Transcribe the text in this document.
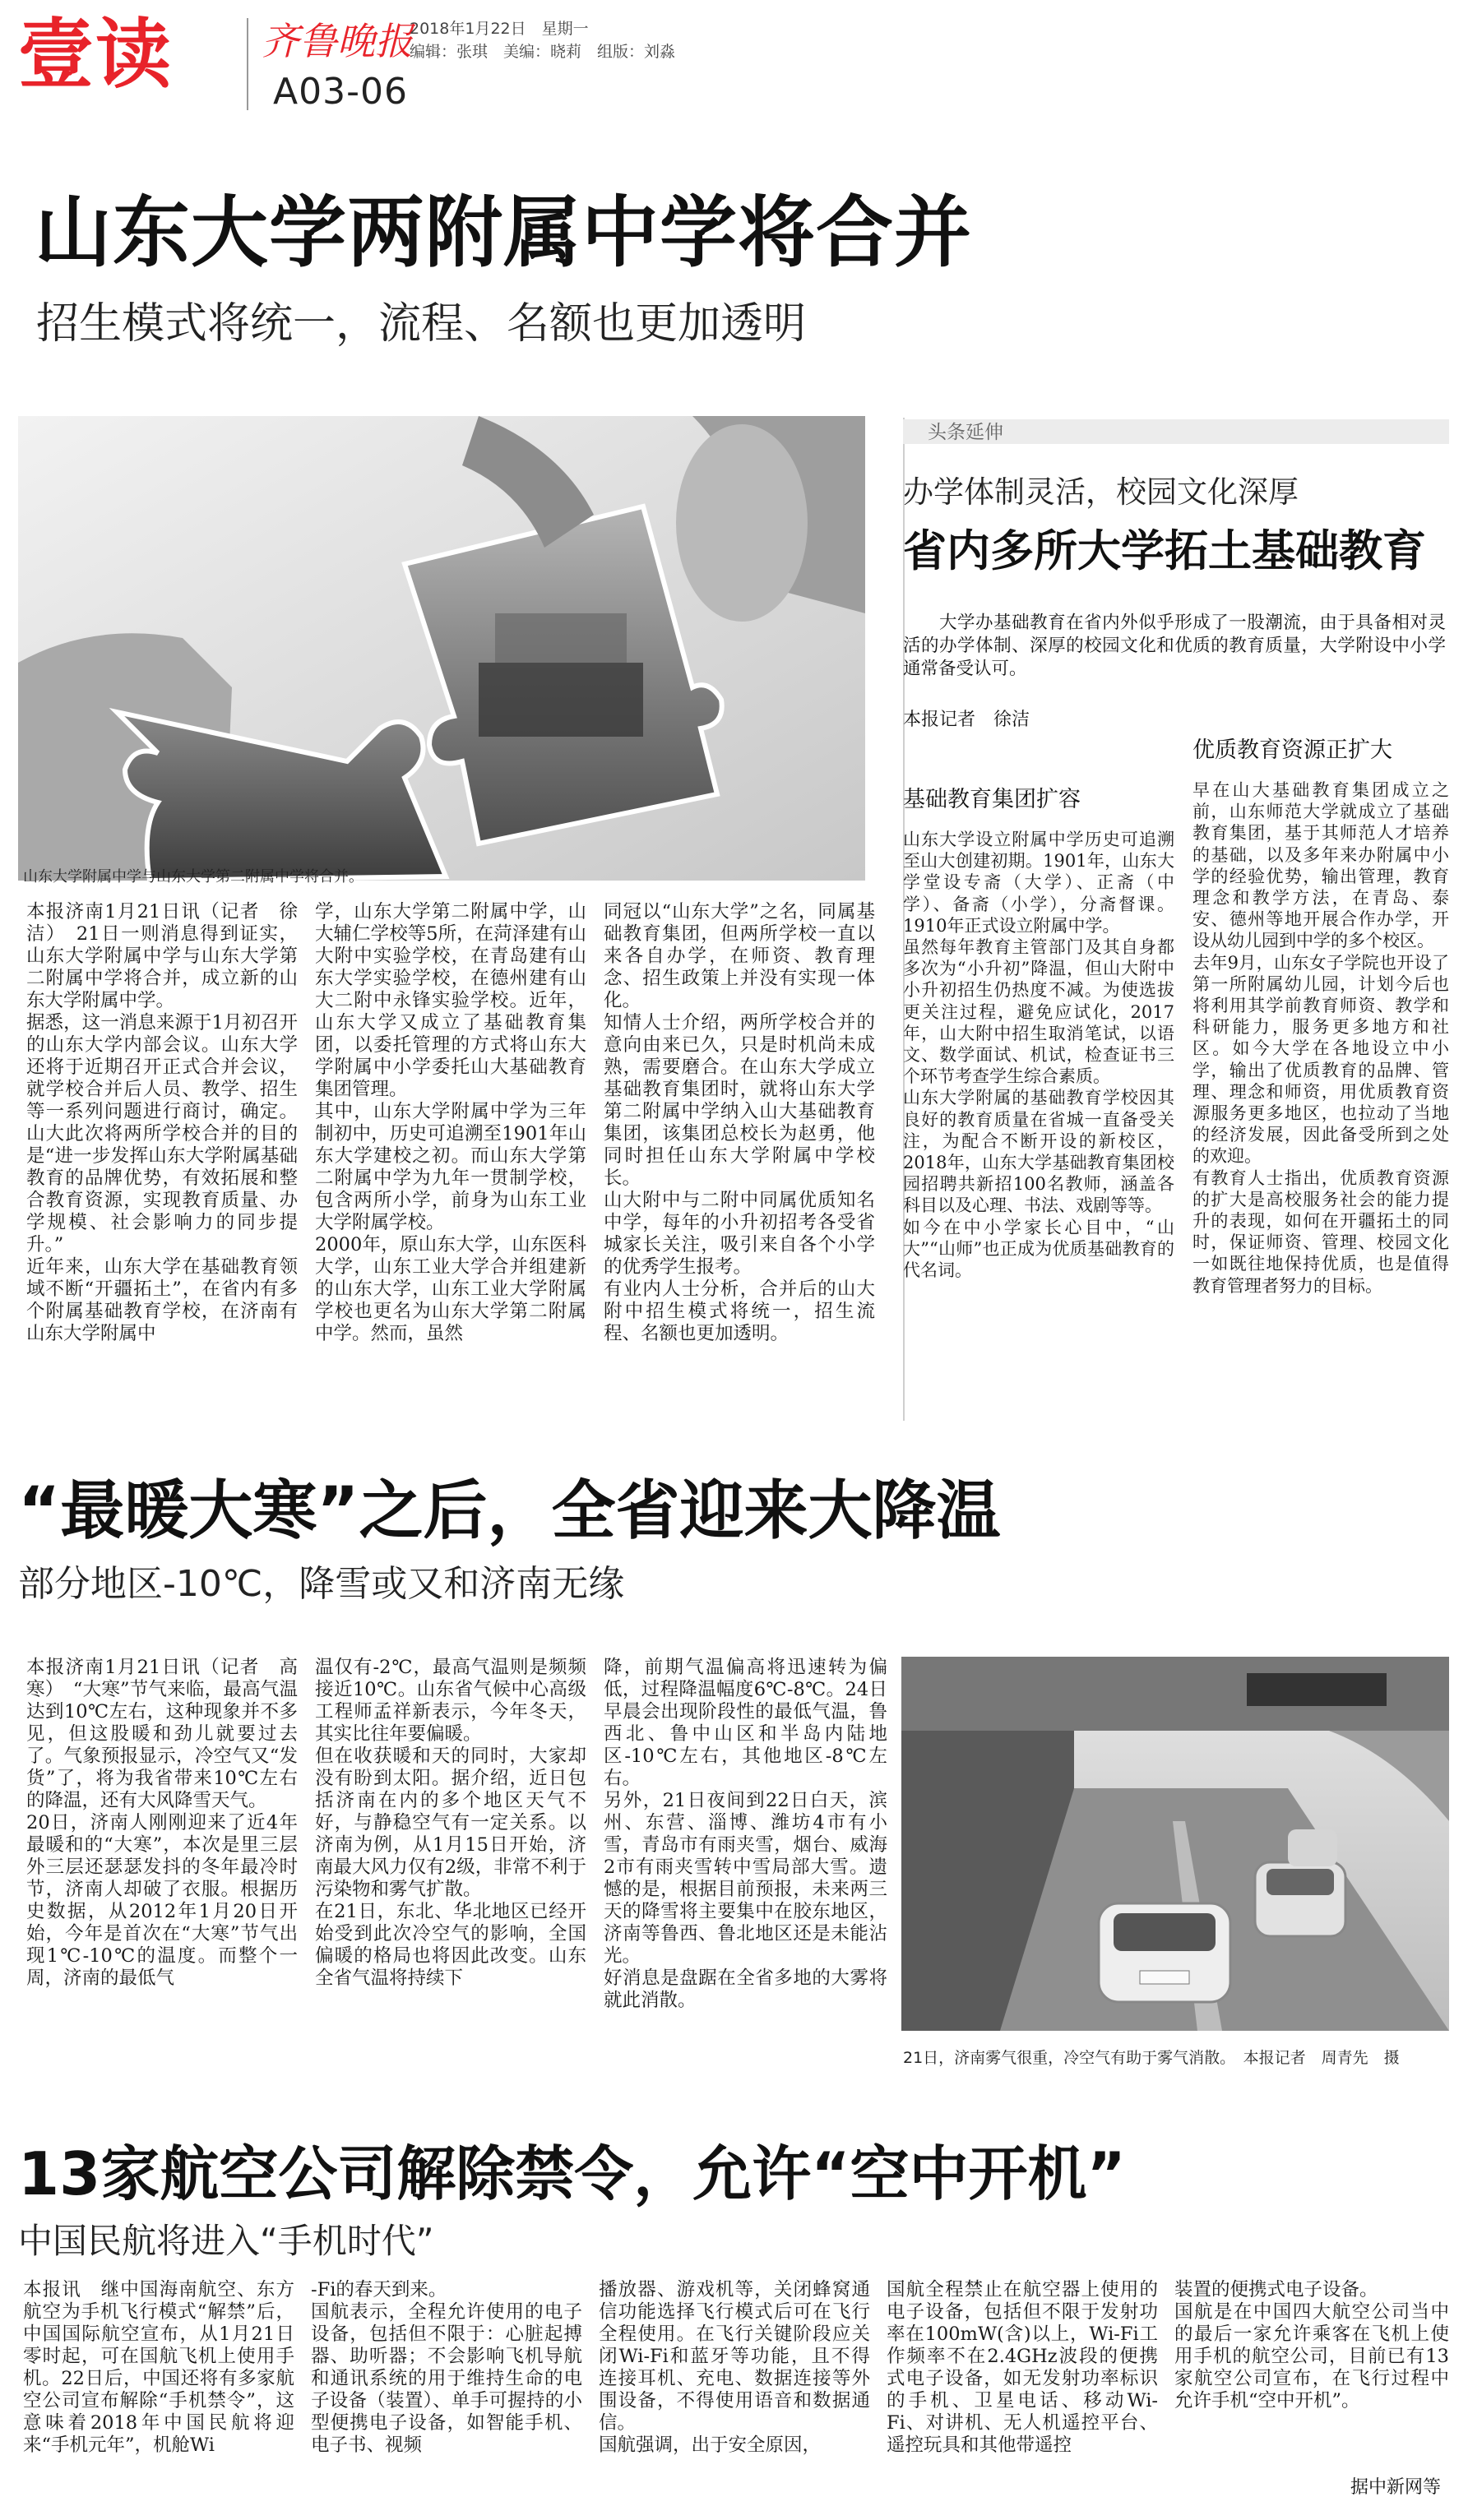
壹读 齐鲁晚报
2018年1月22日　星期一
编辑：张琪　美编：晓莉　组版：刘淼
A03-06
山东大学两附属中学将合并
招生模式将统一，流程、名额也更加透明
山东大学附属中学与山东大学第二附属中学将合并。
本报济南1月21日讯（记者　徐洁）　21日一则消息得到证实，山东大学附属中学与山东大学第二附属中学将合并，成立新的山东大学附属中学。
据悉，这一消息来源于1月初召开的山东大学内部会议。山东大学还将于近期召开正式合并会议，就学校合并后人员、教学、招生等一系列问题进行商讨，确定。山大此次将两所学校合并的目的是“进一步发挥山东大学附属基础教育的品牌优势，有效拓展和整合教育资源，实现教育质量、办学规模、社会影响力的同步提升。”
近年来，山东大学在基础教育领域不断“开疆拓土”，在省内有多个附属基础教育学校，在济南有山东大学附属中
学，山东大学第二附属中学，山大辅仁学校等5所，在菏泽建有山大附中实验学校，在青岛建有山东大学实验学校，在德州建有山大二附中永锋实验学校。近年，山东大学又成立了基础教育集团，以委托管理的方式将山东大学附属中小学委托山大基础教育集团管理。
其中，山东大学附属中学为三年制初中，历史可追溯至1901年山东大学建校之初。而山东大学第二附属中学为九年一贯制学校，包含两所小学，前身为山东工业大学附属学校。
2000年，原山东大学，山东医科大学，山东工业大学合并组建新的山东大学，山东工业大学附属学校也更名为山东大学第二附属中学。然而，虽然
同冠以“山东大学”之名，同属基础教育集团，但两所学校一直以来各自办学，在师资、教育理念、招生政策上并没有实现一体化。
知情人士介绍，两所学校合并的意向由来已久，只是时机尚未成熟，需要磨合。在山东大学成立基础教育集团时，就将山东大学第二附属中学纳入山大基础教育集团，该集团总校长为赵勇，他同时担任山东大学附属中学校长。
山大附中与二附中同属优质知名中学，每年的小升初招考各受省城家长关注，吸引来自各个小学的优秀学生报考。
有业内人士分析，合并后的山大附中招生模式将统一，招生流程、名额也更加透明。
头条延伸
办学体制灵活，校园文化深厚
省内多所大学拓土基础教育
大学办基础教育在省内外似乎形成了一股潮流，由于具备相对灵活的办学体制、深厚的校园文化和优质的教育质量，大学附设中小学通常备受认可。
本报记者　徐洁
基础教育集团扩容
优质教育资源正扩大
山东大学设立附属中学历史可追溯至山大创建初期。1901年，山东大学堂设专斋（大学）、正斋（中学）、备斋（小学），分斋督课。1910年正式设立附属中学。
虽然每年教育主管部门及其自身都多次为“小升初”降温，但山大附中小升初招生仍热度不减。为使选拔更关注过程，避免应试化，2017年，山大附中招生取消笔试，以语文、数学面试、机试，检查证书三个环节考查学生综合素质。
山东大学附属的基础教育学校因其良好的教育质量在省城一直备受关注，为配合不断开设的新校区，2018年，山东大学基础教育集团校园招聘共新招100名教师，涵盖各科目以及心理、书法、戏剧等等。
如今在中小学家长心目中，“山大”“山师”也正成为优质基础教育的代名词。
早在山大基础教育集团成立之前，山东师范大学就成立了基础教育集团，基于其师范人才培养的基础，以及多年来办附属中小学的经验优势，输出管理，教育理念和教学方法，在青岛、泰安、德州等地开展合作办学，开设从幼儿园到中学的多个校区。
去年9月，山东女子学院也开设了第一所附属幼儿园，计划今后也将利用其学前教育师资、教学和科研能力，服务更多地方和社区。如今大学在各地设立中小学，输出了优质教育的品牌、管理、理念和师资，用优质教育资源服务更多地区，也拉动了当地的经济发展，因此备受所到之处的欢迎。
有教育人士指出，优质教育资源的扩大是高校服务社会的能力提升的表现，如何在开疆拓土的同时，保证师资、管理、校园文化一如既往地保持优质，也是值得教育管理者努力的目标。
“最暖大寒”之后，全省迎来大降温
部分地区-10℃，降雪或又和济南无缘
本报济南1月21日讯（记者　高寒）　“大寒”节气来临，最高气温达到10℃左右，这种现象并不多见，但这股暖和劲儿就要过去了。气象预报显示，冷空气又“发货”了，将为我省带来10℃左右的降温，还有大风降雪天气。
20日，济南人刚刚迎来了近4年最暖和的“大寒”，本次是里三层外三层还瑟瑟发抖的冬年最冷时节，济南人却破了衣服。根据历史数据，从2012年1月20日开始，今年是首次在“大寒”节气出现1℃-10℃的温度。而整个一周，济南的最低气
温仅有-2℃，最高气温则是频频接近10℃。山东省气候中心高级工程师孟祥新表示，今年冬天，其实比往年要偏暖。
但在收获暖和天的同时，大家却没有盼到太阳。据介绍，近日包括济南在内的多个地区天气不好，与静稳空气有一定关系。以济南为例，从1月15日开始，济南最大风力仅有2级，非常不利于污染物和雾气扩散。
在21日，东北、华北地区已经开始受到此次冷空气的影响，全国偏暖的格局也将因此改变。山东全省气温将持续下
降，前期气温偏高将迅速转为偏低，过程降温幅度6℃-8℃。24日早晨会出现阶段性的最低气温，鲁西北、鲁中山区和半岛内陆地区-10℃左右，其他地区-8℃左右。
另外，21日夜间到22日白天，滨州、东营、淄博、潍坊4市有小雪，青岛市有雨夹雪，烟台、威海2市有雨夹雪转中雪局部大雪。遗憾的是，根据目前预报，未来两三天的降雪将主要集中在胶东地区，济南等鲁西、鲁北地区还是未能沾光。
好消息是盘踞在全省多地的大雾将就此消散。
21日，济南雾气很重，冷空气有助于雾气消散。　本报记者　周青先　摄
13家航空公司解除禁令，允许“空中开机”
中国民航将进入“手机时代”
本报讯　继中国海南航空、东方航空为手机飞行模式“解禁”后，中国国际航空宣布，从1月21日零时起，可在国航飞机上使用手机。22日后，中国还将有多家航空公司宣布解除“手机禁令”，这意味着2018年中国民航将迎来“手机元年”，机舱Wi
-Fi的春天到来。
国航表示，全程允许使用的电子设备，包括但不限于：心脏起搏器、助听器；不会影响飞机导航和通讯系统的用于维持生命的电子设备（装置）、单手可握持的小型便携电子设备，如智能手机、电子书、视频
播放器、游戏机等，关闭蜂窝通信功能选择飞行模式后可在飞行全程使用。在飞行关键阶段应关闭Wi-Fi和蓝牙等功能，且不得连接耳机、充电、数据连接等外围设备，不得使用语音和数据通信。
国航强调，出于安全原因，
国航全程禁止在航空器上使用的电子设备，包括但不限于发射功率在100mW(含)以上，Wi-Fi工作频率不在2.4GHz波段的便携式电子设备，如无发射功率标识的手机、卫星电话、移动Wi-Fi、对讲机、无人机遥控平台、遥控玩具和其他带遥控
装置的便携式电子设备。
国航是在中国四大航空公司当中的最后一家允许乘客在飞机上使用手机的航空公司，目前已有13家航空公司宣布，在飞行过程中允许手机“空中开机”。
据中新网等
